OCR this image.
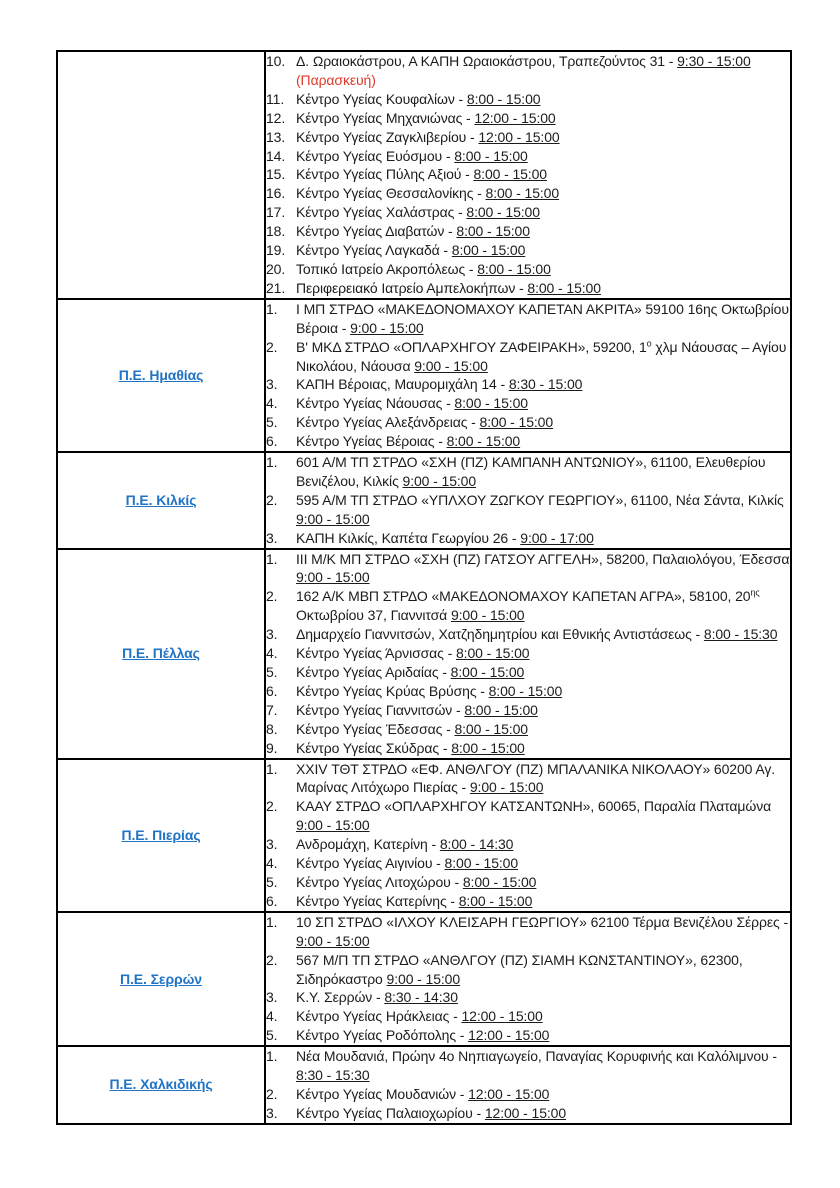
10. Δ. Ωραιοκάστρου, Α ΚΑΠΗ Ωραιοκάστρου, Τραπεζούντος 31 - 9:30 - 15:00 (Παρασκευή)
11. Κέντρο Υγείας Κουφαλίων - 8:00 - 15:00
12. Κέντρο Υγείας Μηχανιώνας - 12:00 - 15:00
13. Κέντρο Υγείας Ζαγκλιβερίου - 12:00 - 15:00
14. Κέντρο Υγείας Ευόσμου - 8:00 - 15:00
15. Κέντρο Υγείας Πύλης Αξιού - 8:00 - 15:00
16. Κέντρο Υγείας Θεσσαλονίκης - 8:00 - 15:00
17. Κέντρο Υγείας Χαλάστρας - 8:00 - 15:00
18. Κέντρο Υγείας Διαβατών - 8:00 - 15:00
19. Κέντρο Υγείας Λαγκαδά - 8:00 - 15:00
20. Τοπικό Ιατρείο Ακροπόλεως - 8:00 - 15:00
21. Περιφερειακό Ιατρείο Αμπελοκήπων - 8:00 - 15:00

Π.Ε. Ημαθίας	
1.	Ι ΜΠ ΣΤΡΔΟ «ΜΑΚΕΔΟΝΟΜΑΧΟΥ ΚΑΠΕΤΑΝ ΑΚΡΙΤΑ» 59100 16ης Οκτωβρίου Βέροια - 9:00 - 15:00
2.	Β' ΜΚΔ ΣΤΡΔΟ «ΟΠΛΑΡΧΗΓΟΥ ΖΑΦΕΙΡΑΚΗ», 59200, $1^o$ χλμ Νάουσας – Αγίου Νικολάου, Νάουσα 9:00 - 15:00
3.	ΚΑΠΗ Βέροιας, Μαυρομιχάλη 14 - 8:30 - 15:00
4.	Κέντρο Υγείας Νάουσας - 8:00 - 15:00
5.	Κέντρο Υγείας Αλεξάνδρειας - 8:00 - 15:00
6.	Κέντρο Υγείας Βέροιας - 8:00 - 15:00

Π.Ε. Κιλκίς	
1.	601 Α/Μ ΤΠ ΣΤΡΔΟ «ΣΧΗ (ΠΖ) ΚΑΜΠΑΝΗ ΑΝΤΩΝΙΟΥ», 61100, Ελευθερίου Βενιζέλου, Κιλκίς 9:00 - 15:00
2.	595 Α/Μ ΤΠ ΣΤΡΔΟ «ΥΠΛΧΟΥ ΖΩΓΚΟΥ ΓΕΩΡΓΙΟΥ», 61100, Νέα Σάντα, Κιλκίς 9:00 - 15:00
3.	ΚΑΠΗ Κιλκίς, Καπέτα Γεωργίου 26 - 9:00 - 17:00

Π.Ε. Πέλλας	
1.	ΙΙΙ Μ/Κ ΜΠ ΣΤΡΔΟ «ΣΧΗ (ΠΖ) ΓΑΤΣΟΥ ΑΓΓΕΛΗ», 58200, Παλαιολόγου, Έδεσσα 9:00 - 15:00
2.	162 Α/Κ ΜΒΠ ΣΤΡΔΟ «ΜΑΚΕΔΟΝΟΜΑΧΟΥ ΚΑΠΕΤΑΝ ΑΓΡΑ», 58100, $20^{\eta\varsigma}$ Οκτωβρίου 37, Γιαννιτσά 9:00 - 15:00
3.	Δημαρχείο Γιαννιτσών, Χατζηδημητρίου και Εθνικής Αντιστάσεως - 8:00 - 15:30
4.	Κέντρο Υγείας Άρνισσας - 8:00 - 15:00
5.	Κέντρο Υγείας Αριδαίας - 8:00 - 15:00
6.	Κέντρο Υγείας Κρύας Βρύσης - 8:00 - 15:00
7.	Κέντρο Υγείας Γιαννιτσών - 8:00 - 15:00
8.	Κέντρο Υγείας Έδεσσας - 8:00 - 15:00
9.	Κέντρο Υγείας Σκύδρας - 8:00 - 15:00

Π.Ε. Πιερίας	
1.	ΧΧΙV ΤΘΤ ΣΤΡΔΟ «ΕΦ. ΑΝΘΛΓΟΥ (ΠΖ) ΜΠΑΛΑΝΙΚΑ ΝΙΚΟΛΑΟΥ» 60200 Αγ. Μαρίνας Λιτόχωρο Πιερίας - 9:00 - 15:00
2.	ΚΑΑΥ ΣΤΡΔΟ «ΟΠΛΑΡΧΗΓΟΥ ΚΑΤΣΑΝΤΩΝΗ», 60065, Παραλία Πλαταμώνα 9:00 - 15:00
3.	Ανδρομάχη, Κατερίνη - 8:00 - 14:30
4.	Κέντρο Υγείας Αιγινίου - 8:00 - 15:00
5.	Κέντρο Υγείας Λιτοχώρου - 8:00 - 15:00
6.	Κέντρο Υγείας Κατερίνης - 8:00 - 15:00

Π.Ε. Σερρών	
1.	10 ΣΠ ΣΤΡΔΟ «ΙΛΧΟΥ ΚΛΕΙΣΑΡΗ ΓΕΩΡΓΙΟΥ» 62100 Τέρμα Βενιζέλου Σέρρες - 9:00 - 15:00
2.	567 Μ/Π ΤΠ ΣΤΡΔΟ «ΑΝΘΛΓΟΥ (ΠΖ) ΣΙΑΜΗ ΚΩΝΣΤΑΝΤΙΝΟΥ», 62300, Σιδηρόκαστρο 9:00 - 15:00
3.	Κ.Υ. Σερρών - 8:30 - 14:30
4.	Κέντρο Υγείας Ηράκλειας - 12:00 - 15:00
5.	Κέντρο Υγείας Ροδόπολης - 12:00 - 15:00

Π.Ε. Χαλκιδικής	
1.	Νέα Μουδανιά, Πρώην 4ο Νηπιαγωγείο, Παναγίας Κορυφινής και Καλόλιμνου - 8:30 - 15:30
2.	Κέντρο Υγείας Μουδανιών - 12:00 - 15:00
3.	Κέντρο Υγείας Παλαιοχωρίου - 12:00 - 15:00
